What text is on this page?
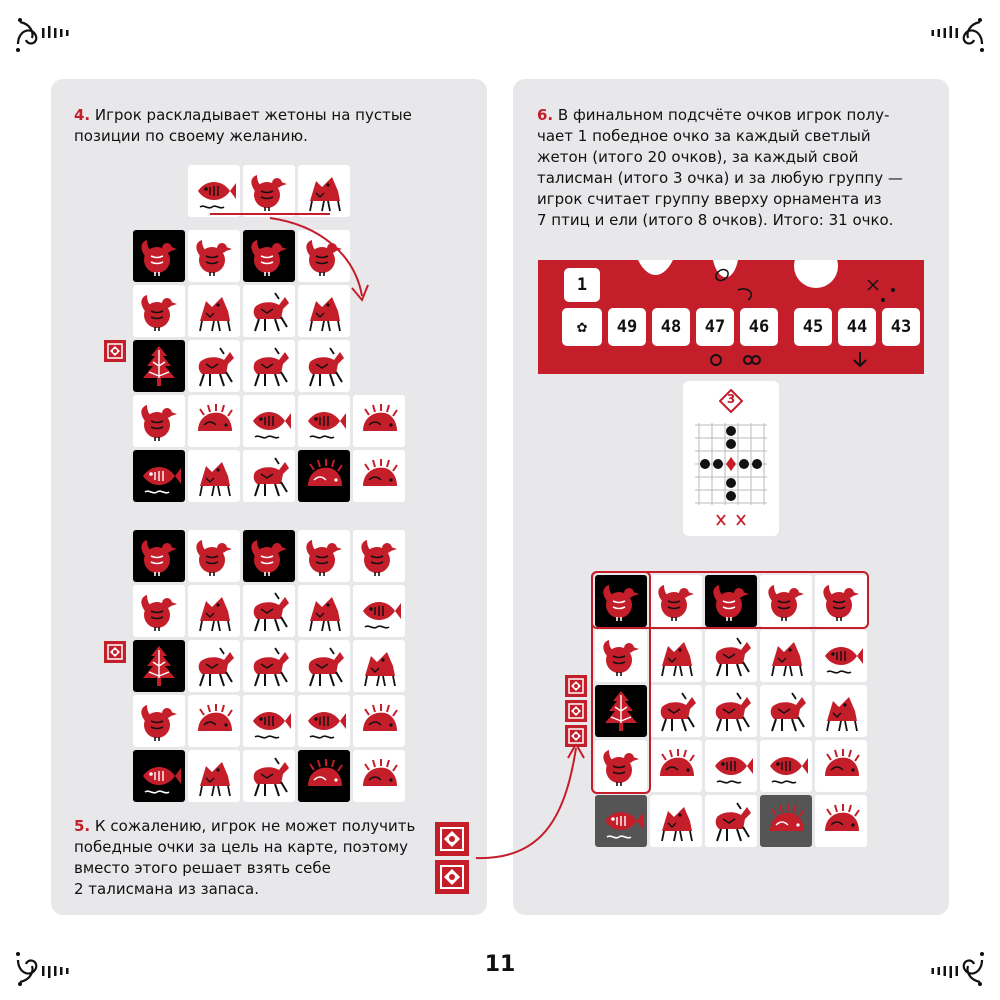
4. Игрок раскладывает жетоны на пустые
позиции по своему желанию.

5. К сожалению, игрок не может получить
победные очки за цель на карте, поэтому
вместо этого решает взять себе
2 талисмана из запаса.

6. В финальном подсчёте очков игрок полу-
чает 1 победное очко за каждый светлый
жетон (итого 20 очков), за каждый свой
талисман (итого 3 очка) и за любую группу —
игрок считает группу вверху орнамента из
7 птиц и ели (итого 8 очков). Итого: 31 очко.

1
✿	49	48	47	46	45	44	43
3
11
